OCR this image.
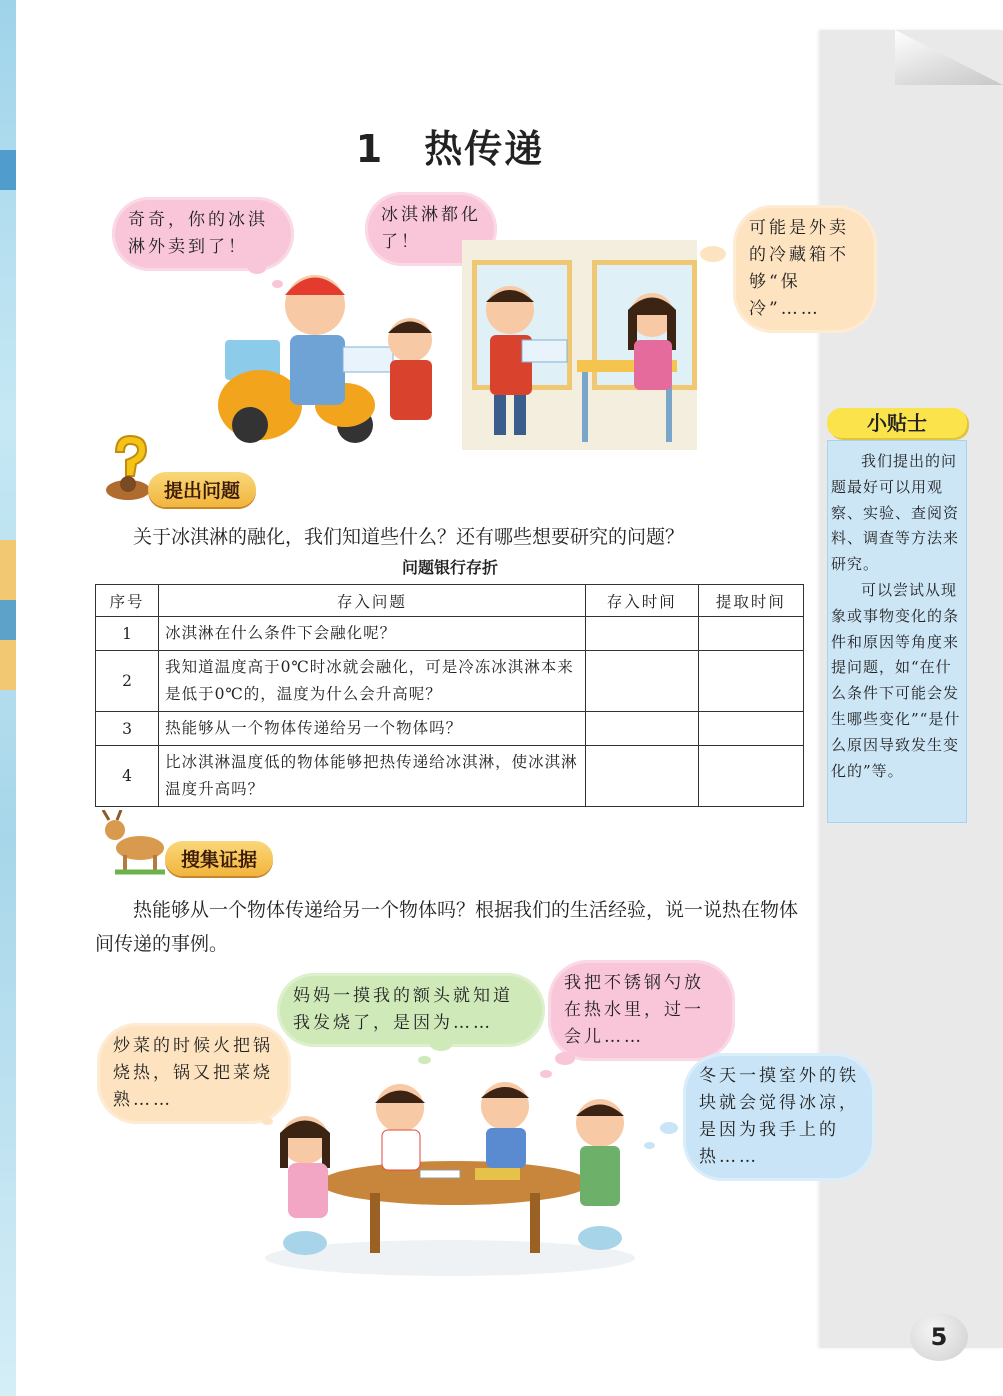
1 热传递
奇奇，你的冰淇淋外卖到了！
冰淇淋都化了！
可能是外卖的冷藏箱不够“保冷”……
提出问题
关于冰淇淋的融化，我们知道些什么？还有哪些想要研究的问题？
问题银行存折
序号	存入问题	存入时间	提取时间
1	冰淇淋在什么条件下会融化呢？		
2	我知道温度高于0℃时冰就会融化，可是冷冻冰淇淋本来是低于0℃的，温度为什么会升高呢？		
3	热能够从一个物体传递给另一个物体吗？		
4	比冰淇淋温度低的物体能够把热传递给冰淇淋，使冰淇淋温度升高吗？		
搜集证据
热能够从一个物体传递给另一个物体吗？根据我们的生活经验，说一说热在物体间传递的事例。
妈妈一摸我的额头就知道我发烧了，是因为……
我把不锈钢勺放在热水里，过一会儿……
炒菜的时候火把锅烧热，锅又把菜烧熟……
冬天一摸室外的铁块就会觉得冰凉，是因为我手上的热……
小贴士

我们提出的问题最好可以用观察、实验、查阅资料、调查等方法来研究。

可以尝试从现象或事物变化的条件和原因等角度来提问题，如“在什么条件下可能会发生哪些变化”“是什么原因导致发生变化的”等。

5
